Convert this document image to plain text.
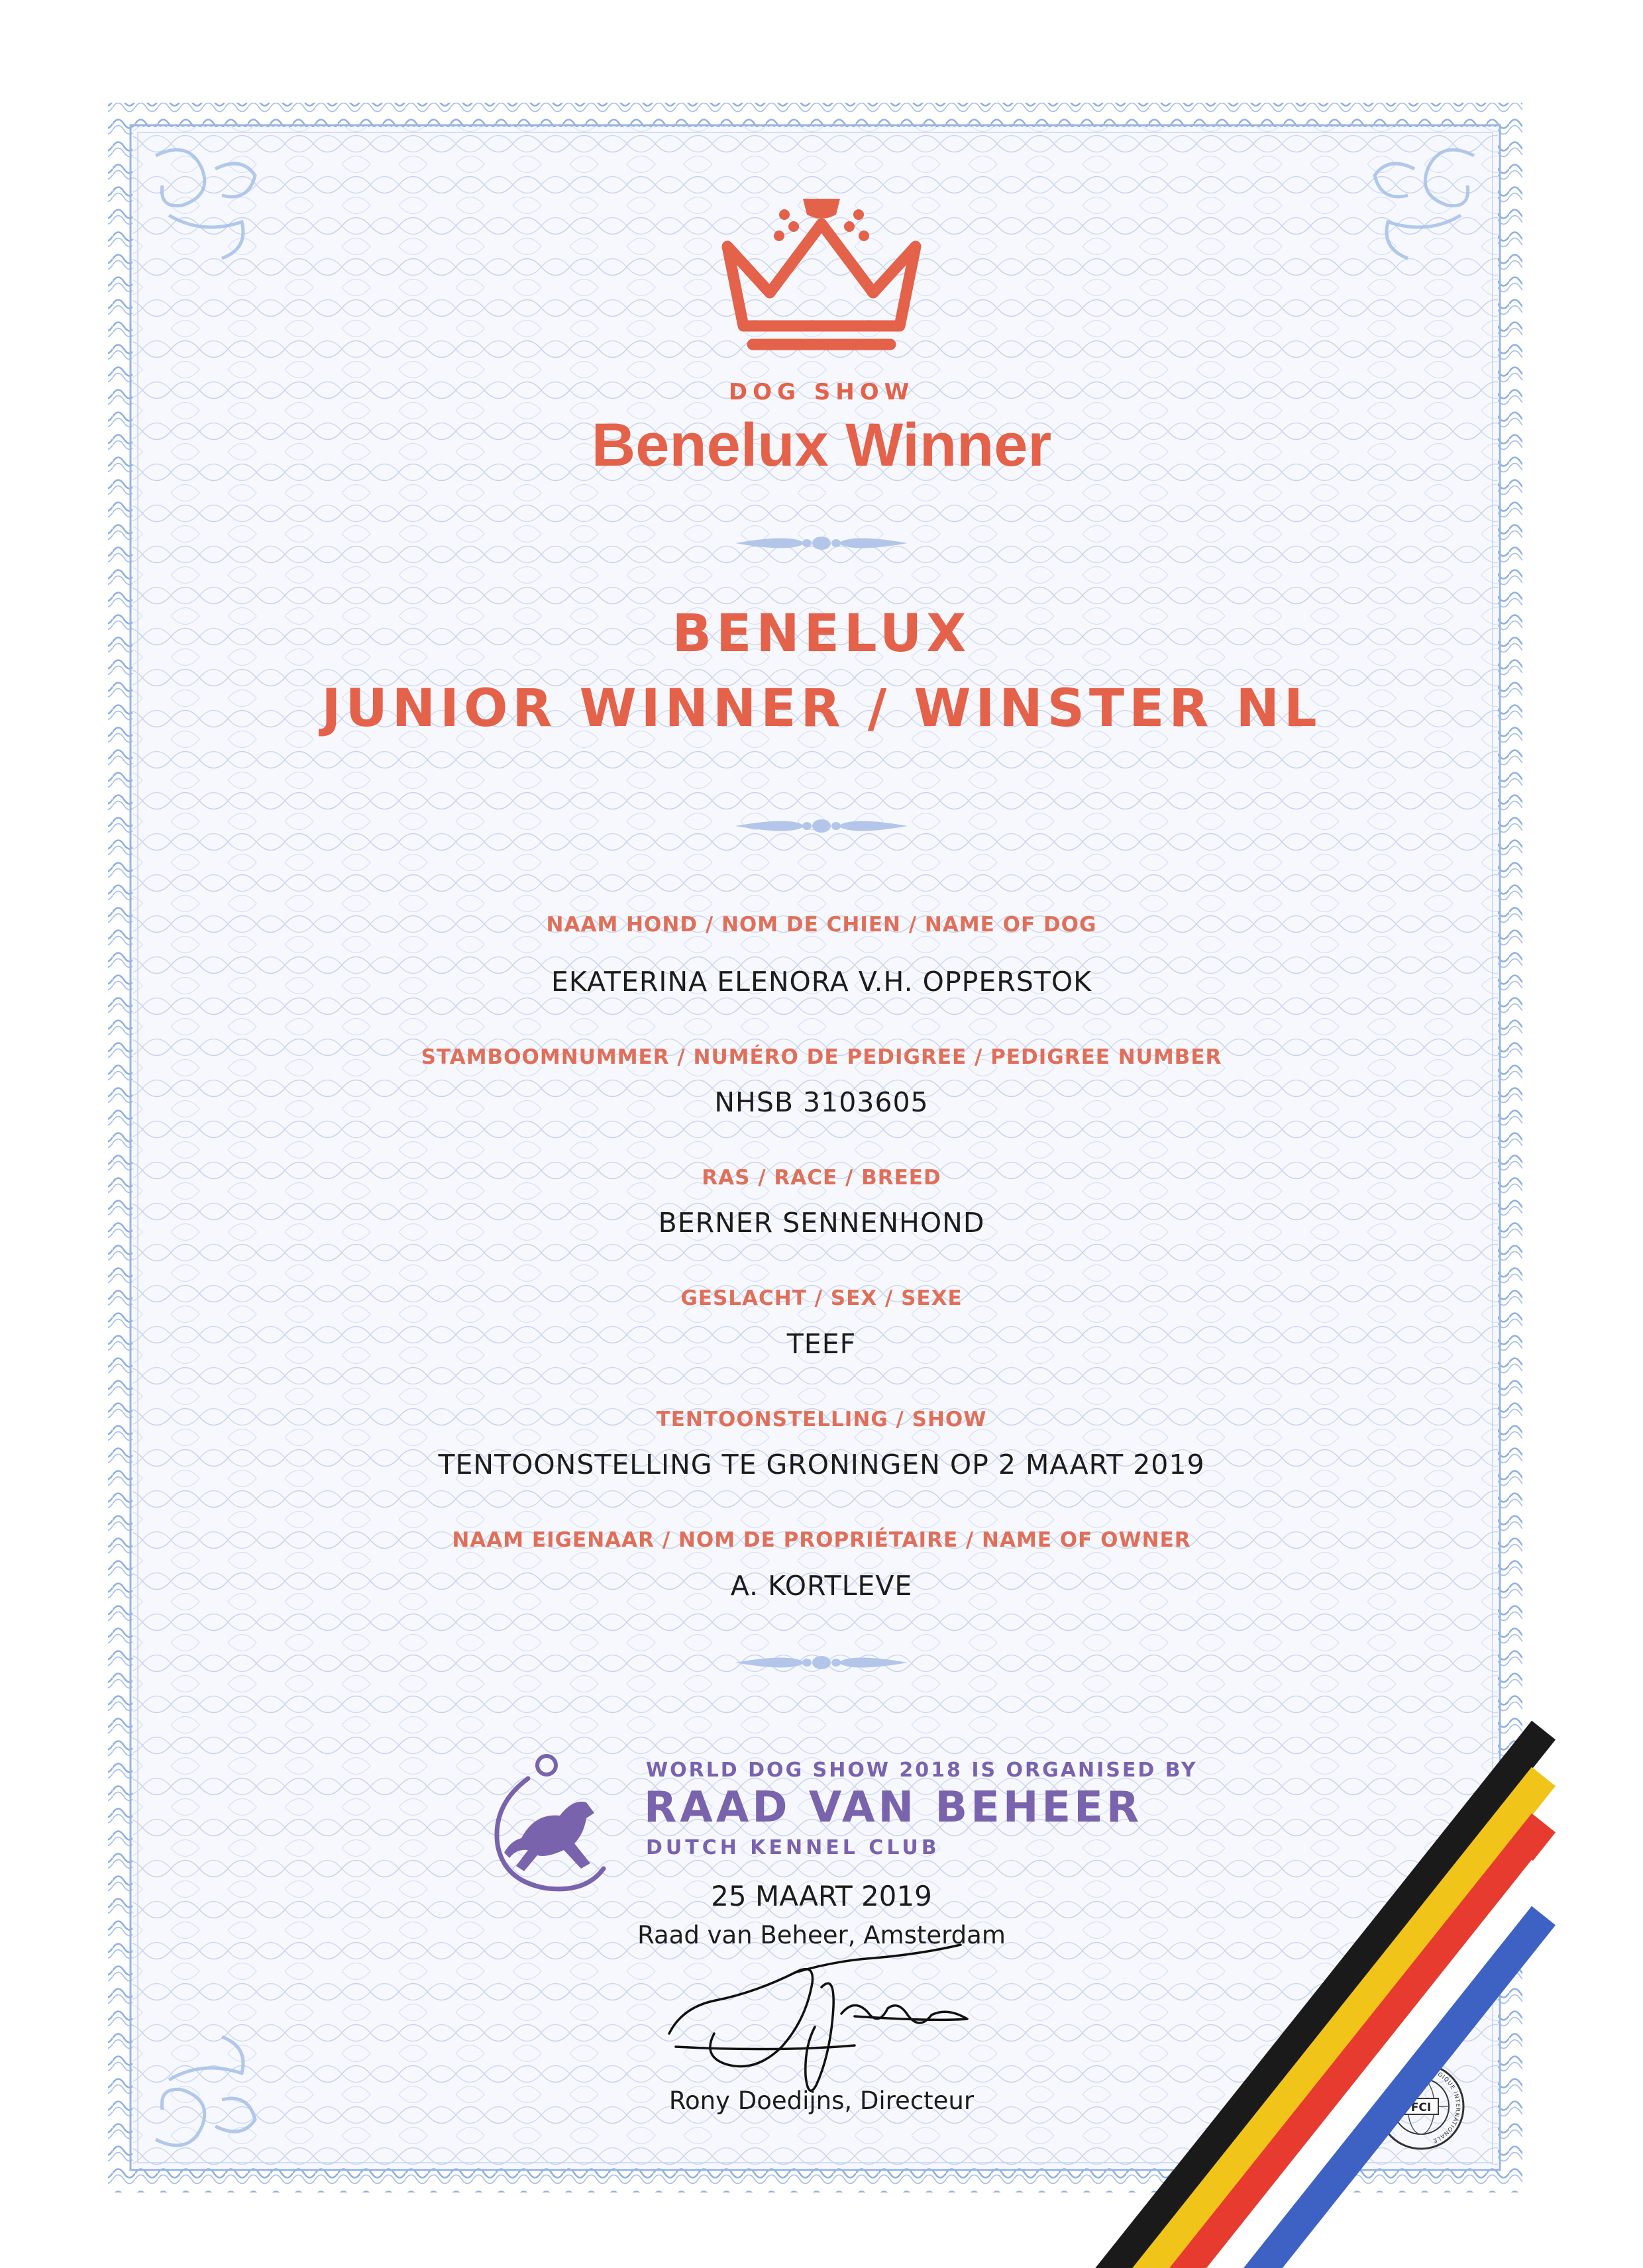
DOG SHOW
Benelux Winner
BENELUX
JUNIOR WINNER / WINSTER NL
NAAM HOND / NOM DE CHIEN / NAME OF DOG
EKATERINA ELENORA V.H. OPPERSTOK
STAMBOOMNUMMER / NUMÉRO DE PEDIGREE / PEDIGREE NUMBER
NHSB 3103605
RAS / RACE / BREED
BERNER SENNENHOND
GESLACHT / SEX / SEXE
TEEF
TENTOONSTELLING / SHOW
TENTOONSTELLING TE GRONINGEN OP 2 MAART 2019
NAAM EIGENAAR / NOM DE PROPRIÉTAIRE / NAME OF OWNER
A. KORTLEVE
WORLD DOG SHOW 2018 IS ORGANISED BY
RAAD VAN BEHEER
DUTCH KENNEL CLUB
25 MAART 2019
Raad van Beheer, Amsterdam
Rony Doedijns, Directeur	FCI
FEDERATION CYNOLOGIQUE INTERNATIONALE
